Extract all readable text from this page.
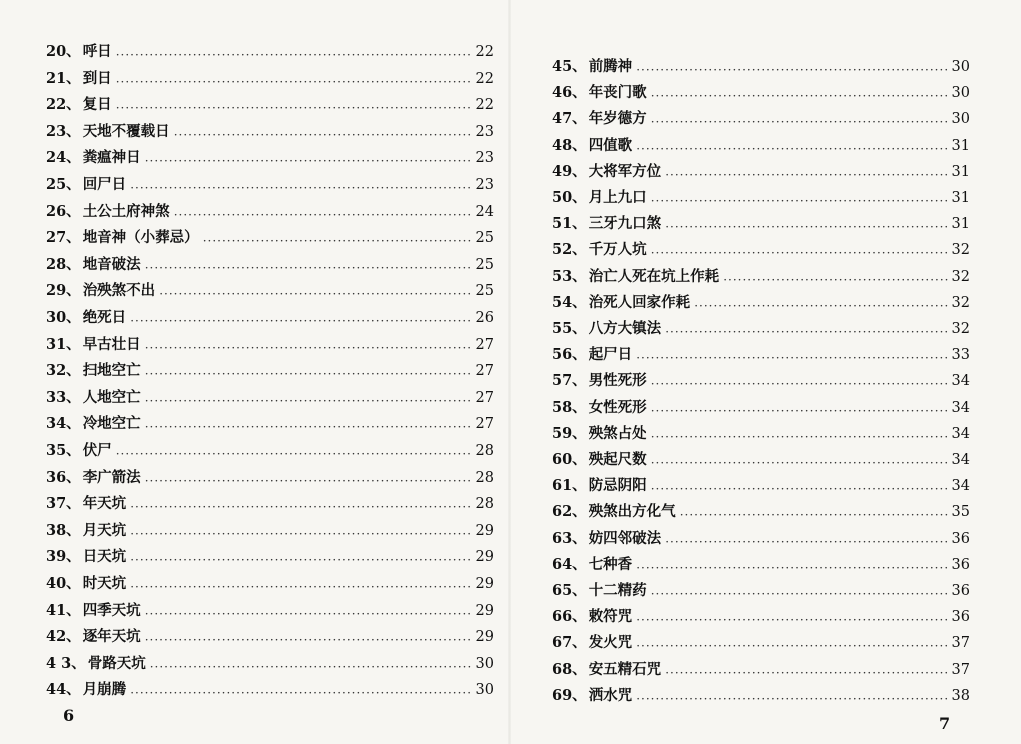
20、 呼日 ·····	22
21、 到日 ·····	22
22、 复日 ·····	22
23、 天地不覆载日 ·····	23
24、 粪瘟神日 ·····	23
25、 回尸日 ·····	23
26、 土公土府神煞 ·····	24
27、 地音神（小葬忌） ·····	25
28、 地音破法 ·····	25
29、 治殃煞不出 ·····	25
30、 绝死日 ·····	26
31、 早古壮日 ·····	27
32、 扫地空亡 ·····	27
33、 人地空亡 ·····	27
34、 冷地空亡 ·····	27
35、 伏尸 ·····	28
36、 李广箭法 ·····	28
37、 年天坑 ·····	28
38、 月天坑 ·····	29
39、 日天坑 ·····	29
40、 时天坑 ·····	29
41、 四季天坑 ·····	29
42、 逐年天坑 ·····	29
4 3、 骨路天坑 ·····	30
44、 月崩腾 ·····	30
6
45、 前腾神 ·····	30
46、 年丧门歌 ·····	30
47、 年岁德方 ·····	30
48、 四值歌 ·····	31
49、 大将军方位 ·····	31
50、 月上九口 ·····	31
51、 三牙九口煞 ·····	31
52、 千万人坑 ·····	32
53、 治亡人死在坑上作耗 ·····	32
54、 治死人回家作耗 ·····	32
55、 八方大镇法 ·····	32
56、 起尸日 ·····	33
57、 男性死形 ·····	34
58、 女性死形 ·····	34
59、 殃煞占处 ·····	34
60、 殃起尺数 ·····	34
61、 防忌阴阳 ·····	34
62、 殃煞出方化气 ·····	35
63、 妨四邻破法 ·····	36
64、 七种香 ·····	36
65、 十二精药 ·····	36
66、 敕符咒 ·····	36
67、 发火咒 ·····	37
68、 安五精石咒 ·····	37
69、 洒水咒 ·····	38
7
